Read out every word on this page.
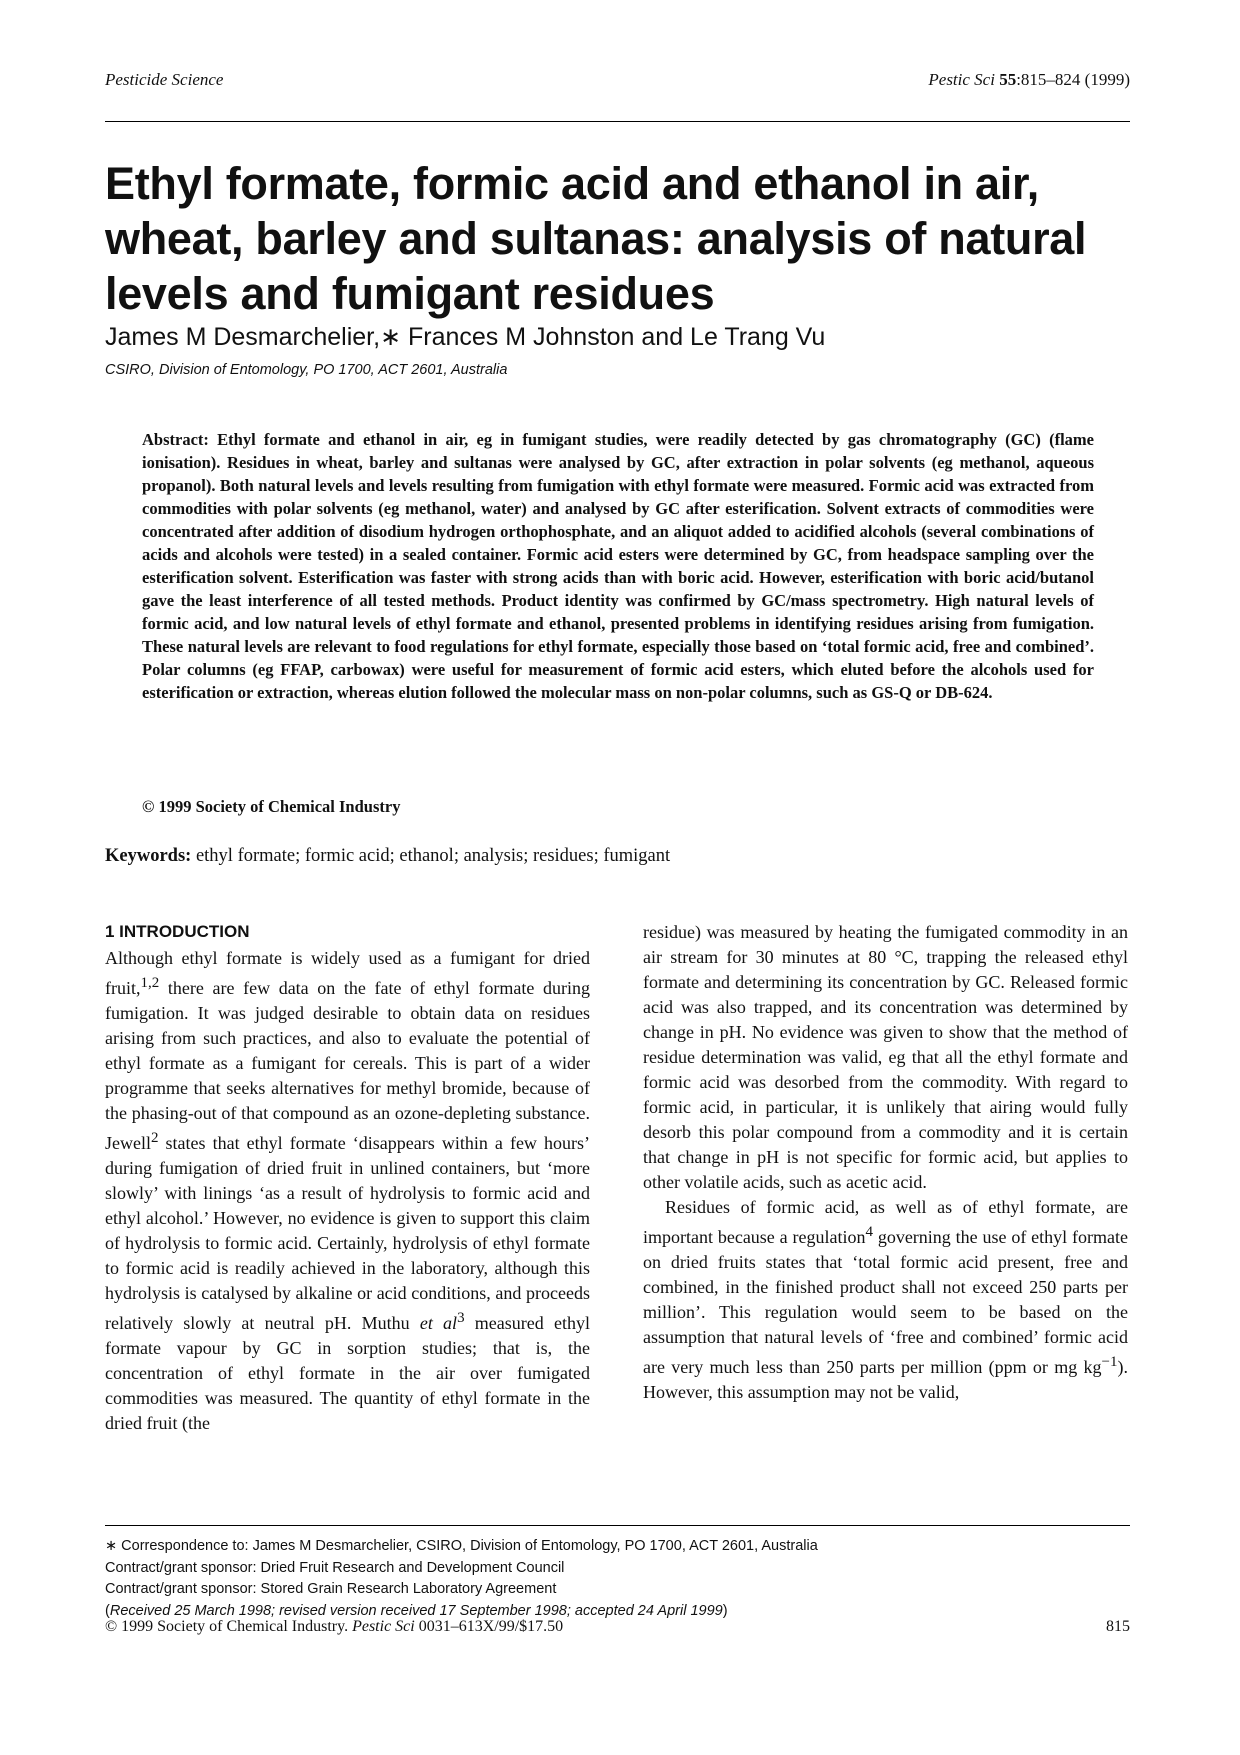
Pesticide Science	Pestic Sci 55:815–824 (1999)
Ethyl formate, formic acid and ethanol in air, wheat, barley and sultanas: analysis of natural levels and fumigant residues
James M Desmarchelier,∗ Frances M Johnston and Le Trang Vu
CSIRO, Division of Entomology, PO 1700, ACT 2601, Australia

Abstract: Ethyl formate and ethanol in air, eg in fumigant studies, were readily detected by gas chromatography (GC) (flame ionisation). Residues in wheat, barley and sultanas were analysed by GC, after extraction in polar solvents (eg methanol, aqueous propanol). Both natural levels and levels resulting from fumigation with ethyl formate were measured. Formic acid was extracted from commodities with polar solvents (eg methanol, water) and analysed by GC after esterification. Solvent extracts of commodities were concentrated after addition of disodium hydrogen orthophosphate, and an aliquot added to acidified alcohols (several combinations of acids and alcohols were tested) in a sealed container. Formic acid esters were determined by GC, from headspace sampling over the esterification solvent. Esterification was faster with strong acids than with boric acid. However, esterification with boric acid/butanol gave the least interference of all tested methods. Product identity was confirmed by GC/mass spectrometry. High natural levels of formic acid, and low natural levels of ethyl formate and ethanol, presented problems in identifying residues arising from fumigation. These natural levels are relevant to food regulations for ethyl formate, especially those based on ‘total formic acid, free and combined’. Polar columns (eg FFAP, carbowax) were useful for measurement of formic acid esters, which eluted before the alcohols used for esterification or extraction, whereas elution followed the molecular mass on non-polar columns, such as GS-Q or DB-624.

© 1999 Society of Chemical Industry
Keywords: ethyl formate; formic acid; ethanol; analysis; residues; fumigant
1 INTRODUCTION

Although ethyl formate is widely used as a fumigant for dried fruit,$^{1,2}$ there are few data on the fate of ethyl formate during fumigation. It was judged desirable to obtain data on residues arising from such practices, and also to evaluate the potential of ethyl formate as a fumigant for cereals. This is part of a wider programme that seeks alternatives for methyl bromide, because of the phasing-out of that compound as an ozone-depleting substance. Jewell$^2$ states that ethyl formate ‘disappears within a few hours’ during fumigation of dried fruit in unlined containers, but ‘more slowly’ with linings ‘as a result of hydrolysis to formic acid and ethyl alcohol.’ However, no evidence is given to support this claim of hydrolysis to formic acid. Certainly, hydrolysis of ethyl formate to formic acid is readily achieved in the laboratory, although this hydrolysis is catalysed by alkaline or acid conditions, and proceeds relatively slowly at neutral pH. Muthu et $al^3$ measured ethyl formate vapour by GC in sorption studies; that is, the concentration of ethyl formate in the air over fumigated commodities was measured. The quantity of ethyl formate in the dried fruit (the

residue) was measured by heating the fumigated commodity in an air stream for 30 minutes at 80 °C, trapping the released ethyl formate and determining its concentration by GC. Released formic acid was also trapped, and its concentration was determined by change in pH. No evidence was given to show that the method of residue determination was valid, eg that all the ethyl formate and formic acid was desorbed from the commodity. With regard to formic acid, in particular, it is unlikely that airing would fully desorb this polar compound from a commodity and it is certain that change in pH is not specific for formic acid, but applies to other volatile acids, such as acetic acid.

Residues of formic acid, as well as of ethyl formate, are important because a regulation$^4$ governing the use of ethyl formate on dried fruits states that ‘total formic acid present, free and combined, in the finished product shall not exceed 250 parts per million’. This regulation would seem to be based on the assumption that natural levels of ‘free and combined’ formic acid are very much less than 250 parts per million (ppm or mg $kg^{-1}$). However, this assumption may not be valid,

∗ Correspondence to: James M Desmarchelier, CSIRO, Division of Entomology, PO 1700, ACT 2601, Australia
Contract/grant sponsor: Dried Fruit Research and Development Council
Contract/grant sponsor: Stored Grain Research Laboratory Agreement
(Received 25 March 1998; revised version received 17 September 1998; accepted 24 April 1999)
© 1999 Society of Chemical Industry. Pestic Sci 0031–613X/99/$17.50	815
